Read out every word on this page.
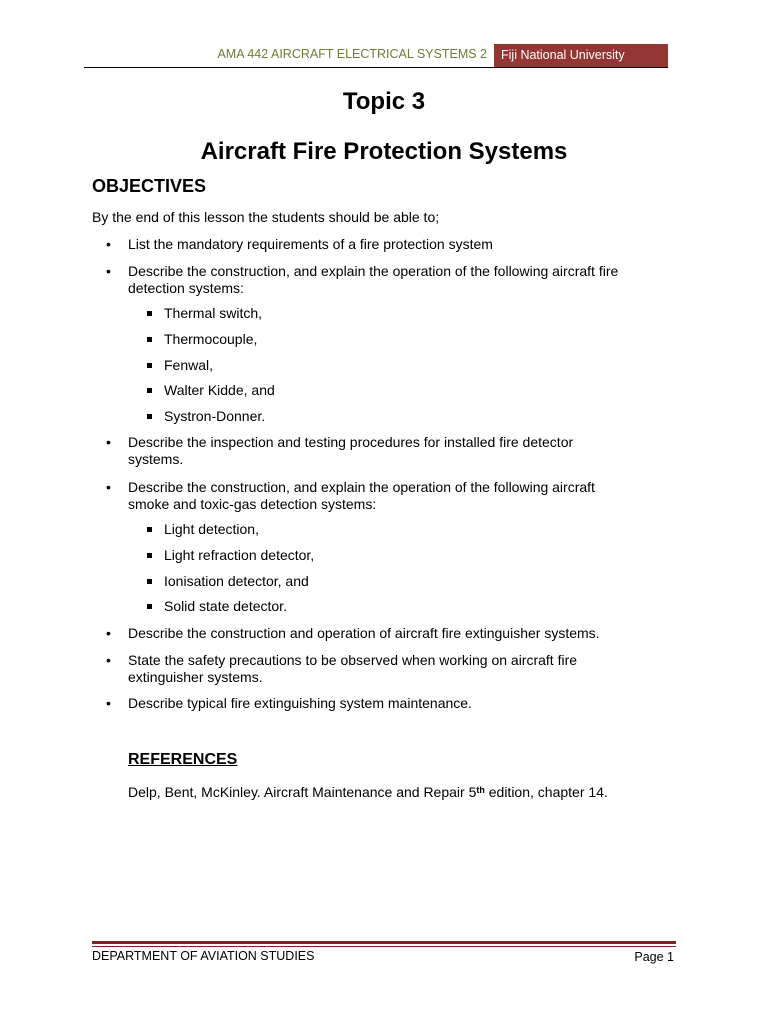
AMA 442 AIRCRAFT ELECTRICAL SYSTEMS 2	Fiji National University
Topic 3
Aircraft Fire Protection Systems
OBJECTIVES
By the end of this lesson the students should be able to;
• List the mandatory requirements of a fire protection system
• Describe the construction, and explain the operation of the following aircraft fire
detection systems:
Thermal switch,
Thermocouple,
Fenwal,
Walter Kidde, and
Systron-Donner.
• Describe the inspection and testing procedures for installed fire detector
systems.
• Describe the construction, and explain the operation of the following aircraft
smoke and toxic-gas detection systems:
Light detection,
Light refraction detector,
Ionisation detector, and
Solid state detector.
• Describe the construction and operation of aircraft fire extinguisher systems.
• State the safety precautions to be observed when working on aircraft fire
extinguisher systems.
• Describe typical fire extinguishing system maintenance.
REFERENCES
Delp, Bent, McKinley. Aircraft Maintenance and Repair 5th edition, chapter 14.
DEPARTMENT OF AVIATION STUDIES	Page 1
